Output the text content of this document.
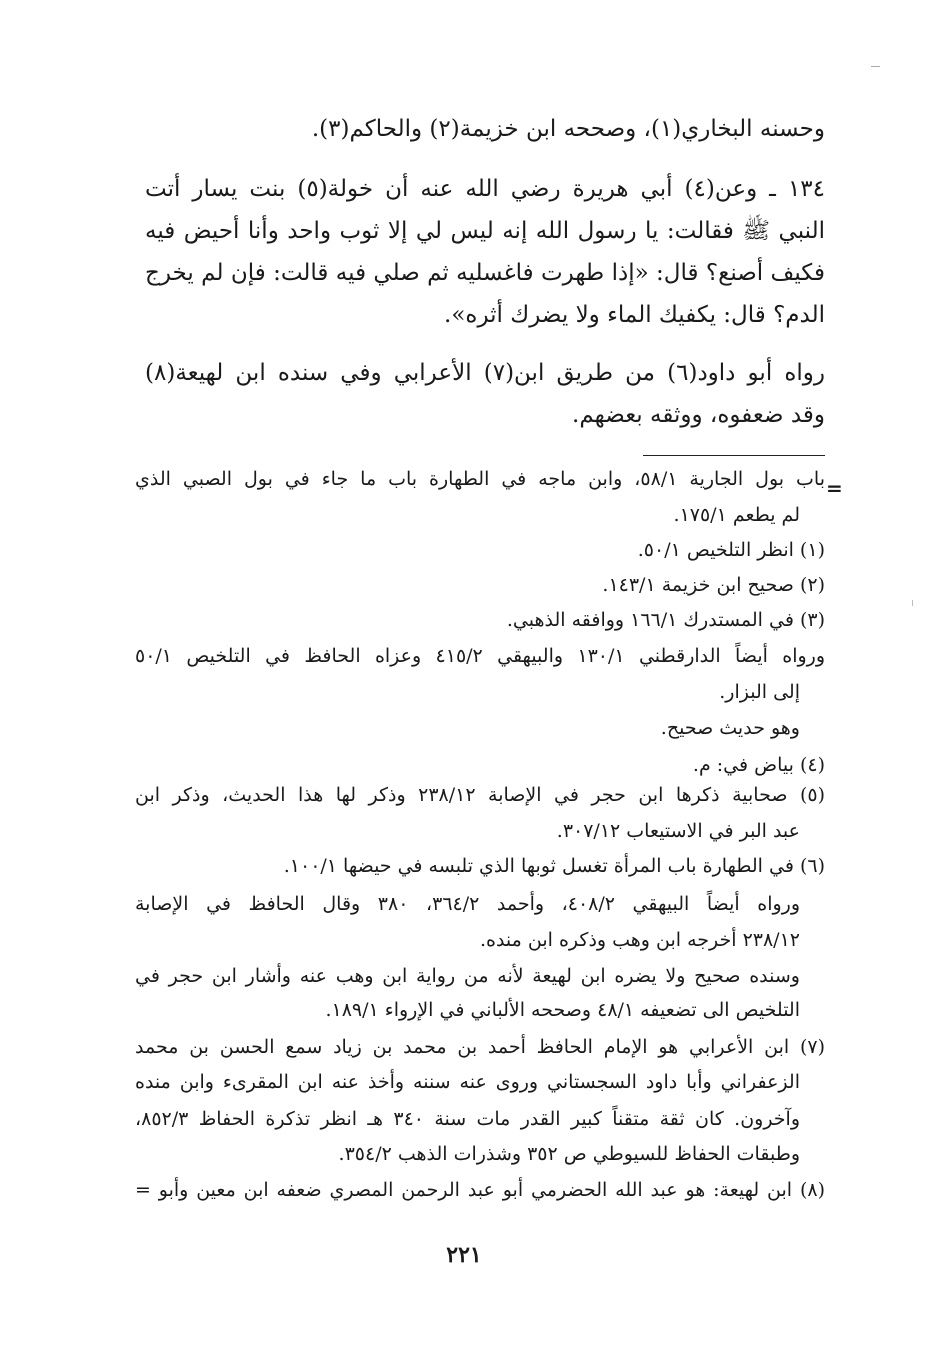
وحسنه البخاري(١)، وصححه ابن خزيمة(٢) والحاكم(٣).
١٣٤ ـ وعن(٤) أبي هريرة رضي الله عنه أن خولة(٥) بنت يسار أتت
النبي ﷺ فقالت: يا رسول الله إنه ليس لي إلا ثوب واحد وأنا أحيض فيه
فكيف أصنع؟ قال: «إذا طهرت فاغسليه ثم صلي فيه قالت: فإن لم يخرج
الدم؟ قال: يكفيك الماء ولا يضرك أثره».
رواه أبو داود(٦) من طريق ابن(٧) الأعرابي وفي سنده ابن لهيعة(٨)
وقد ضعفوه، ووثقه بعضهم.
=
باب بول الجارية ٥٨/١، وابن ماجه في الطهارة باب ما جاء في بول الصبي الذي
لم يطعم ١٧٥/١.
(١) انظر التلخيص ٥٠/١.
(٢) صحيح ابن خزيمة ١٤٣/١.
(٣) في المستدرك ١٦٦/١ ووافقه الذهبي.
ورواه أيضاً الدارقطني ١٣٠/١ والبيهقي ٤١٥/٢ وعزاه الحافظ في التلخيص ٥٠/١
إلى البزار.
وهو حديث صحيح.
(٤) بياض في: م.
(٥) صحابية ذكرها ابن حجر في الإصابة ٢٣٨/١٢ وذكر لها هذا الحديث، وذكر ابن
عبد البر في الاستيعاب ٣٠٧/١٢.
(٦) في الطهارة باب المرأة تغسل ثوبها الذي تلبسه في حيضها ١٠٠/١.
ورواه أيضاً البيهقي ٤٠٨/٢، وأحمد ٣٦٤/٢، ٣٨٠ وقال الحافظ في الإصابة
٢٣٨/١٢ أخرجه ابن وهب وذكره ابن منده.
وسنده صحيح ولا يضره ابن لهيعة لأنه من رواية ابن وهب عنه وأشار ابن حجر في
التلخيص الى تضعيفه ٤٨/١ وصححه الألباني في الإرواء ١٨٩/١.
(٧) ابن الأعرابي هو الإمام الحافظ أحمد بن محمد بن زياد سمع الحسن بن محمد
الزعفراني وأبا داود السجستاني وروى عنه سننه وأخذ عنه ابن المقرىء وابن منده
وآخرون. كان ثقة متقناً كبير القدر مات سنة ٣٤٠ هـ انظر تذكرة الحفاظ ٨٥٢/٣،
وطبقات الحفاظ للسيوطي ص ٣٥٢ وشذرات الذهب ٣٥٤/٢.
(٨) ابن لهيعة: هو عبد الله الحضرمي أبو عبد الرحمن المصري ضعفه ابن معين وأبو =
٢٢١
